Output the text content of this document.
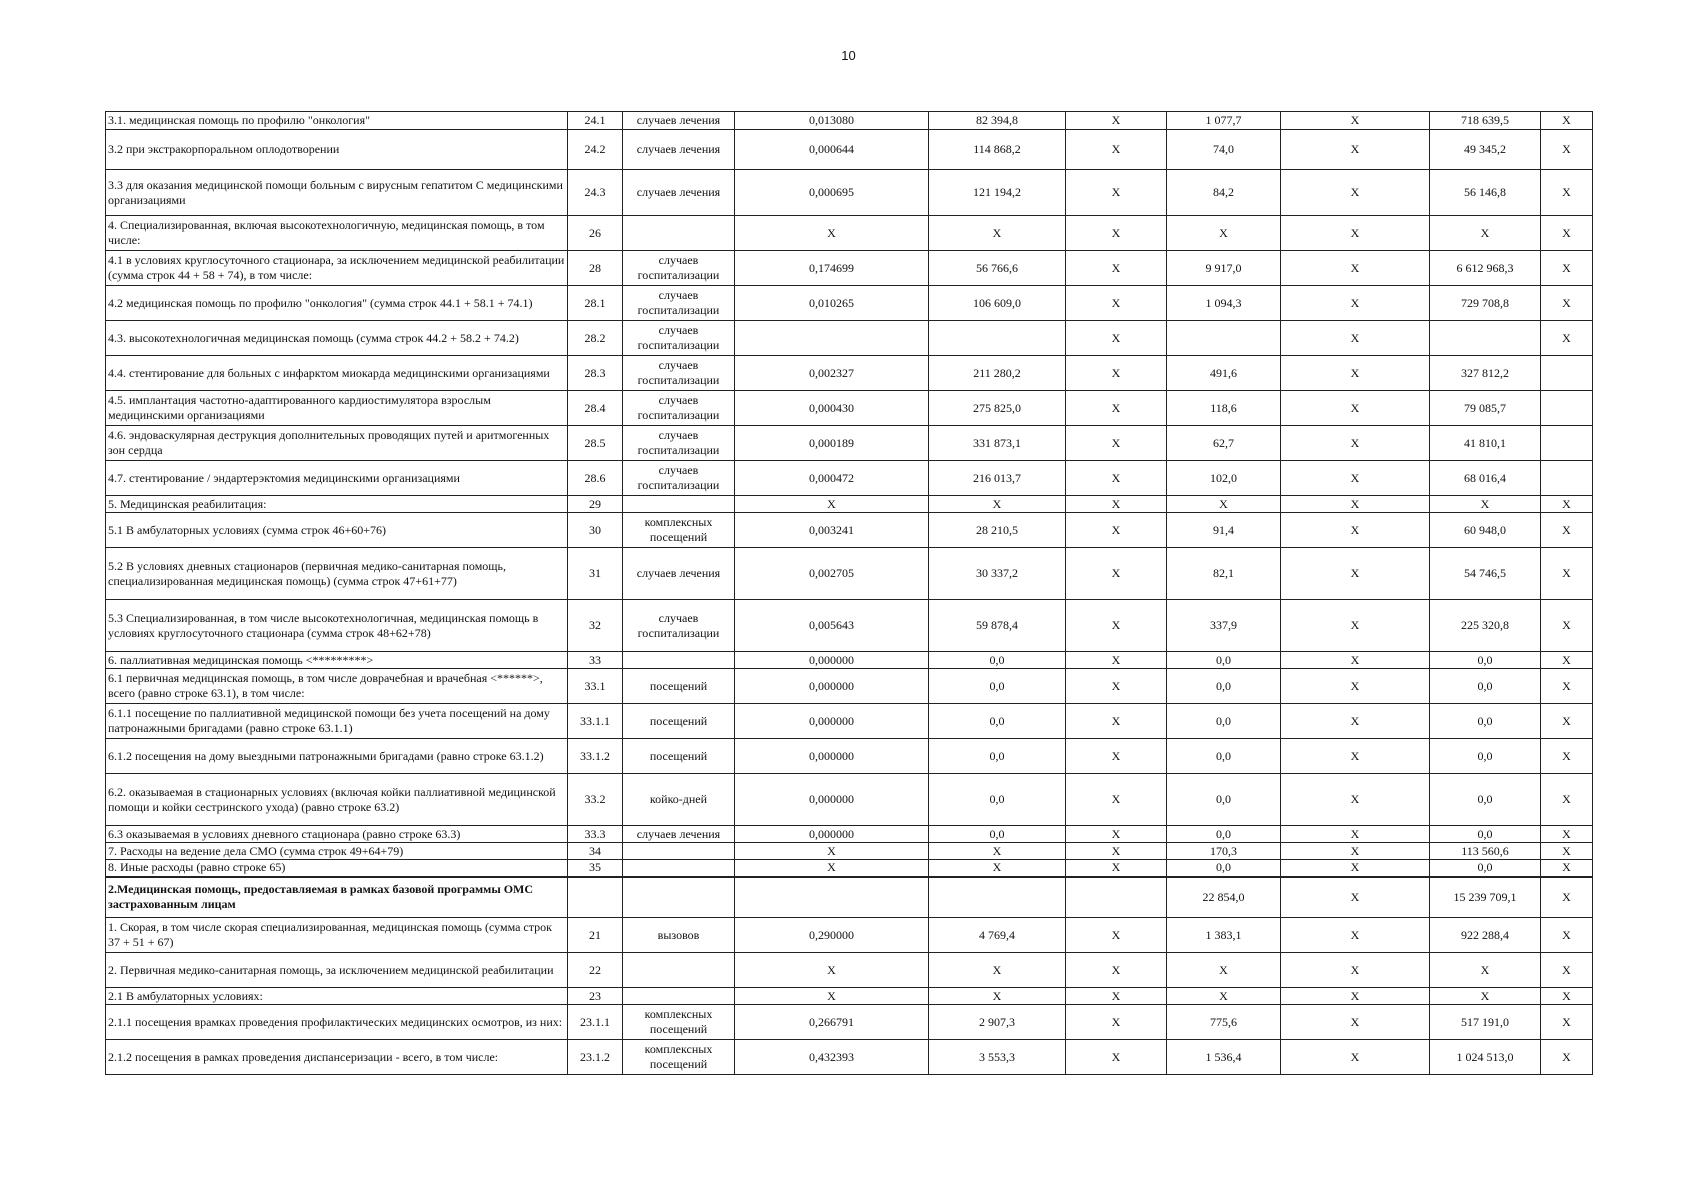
10
3.1. медицинская помощь по профилю "онкология"	24.1	случаев лечения	0,013080	82 394,8	X	1 077,7	X	718 639,5	X
3.2 при экстракорпоральном оплодотворении	24.2	случаев лечения	0,000644	114 868,2	X	74,0	X	49 345,2	X
3.3 для оказания медицинской помощи больным с вирусным гепатитом С медицинскими организациями	24.3	случаев лечения	0,000695	121 194,2	X	84,2	X	56 146,8	X
4. Специализированная, включая высокотехнологичную, медицинская помощь, в том числе:	26		X	X	X	X	X	X	X
4.1 в условиях круглосуточного стационара, за исключением медицинской реабилитации (сумма строк 44 + 58 + 74), в том числе:	28	случаев госпитализации	0,174699	56 766,6	X	9 917,0	X	6 612 968,3	X
4.2 медицинская помощь по профилю "онкология" (сумма строк 44.1 + 58.1 + 74.1)	28.1	случаев госпитализации	0,010265	106 609,0	X	1 094,3	X	729 708,8	X
4.3. высокотехнологичная медицинская помощь (сумма строк 44.2 + 58.2 + 74.2)	28.2	случаев госпитализации			X		X		X
4.4. стентирование для больных с инфарктом миокарда медицинскими организациями	28.3	случаев госпитализации	0,002327	211 280,2	X	491,6	X	327 812,2	
4.5. имплантация частотно-адаптированного кардиостимулятора взрослым медицинскими организациями	28.4	случаев госпитализации	0,000430	275 825,0	X	118,6	X	79 085,7	
4.6. эндоваскулярная деструкция дополнительных проводящих путей и аритмогенных зон сердца	28.5	случаев госпитализации	0,000189	331 873,1	X	62,7	X	41 810,1	
4.7. стентирование / эндартерэктомия медицинскими организациями	28.6	случаев госпитализации	0,000472	216 013,7	X	102,0	X	68 016,4	
5. Медицинская реабилитация:	29		X	X	X	X	X	X	X
5.1 В амбулаторных условиях (сумма строк 46+60+76)	30	комплексных посещений	0,003241	28 210,5	X	91,4	X	60 948,0	X
5.2 В условиях дневных стационаров (первичная медико-санитарная помощь, специализированная медицинская помощь) (сумма строк 47+61+77)	31	случаев лечения	0,002705	30 337,2	X	82,1	X	54 746,5	X
5.3 Специализированная, в том числе высокотехнологичная, медицинская помощь в условиях круглосуточного стационара (сумма строк 48+62+78)	32	случаев госпитализации	0,005643	59 878,4	X	337,9	X	225 320,8	X
6. паллиативная медицинская помощь <*********>	33		0,000000	0,0	X	0,0	X	0,0	X
6.1 первичная медицинская помощь, в том числе доврачебная и врачебная <******>, всего (равно строке 63.1), в том числе:	33.1	посещений	0,000000	0,0	X	0,0	X	0,0	X
6.1.1 посещение по паллиативной медицинской помощи без учета посещений на дому патронажными бригадами (равно строке 63.1.1)	33.1.1	посещений	0,000000	0,0	X	0,0	X	0,0	X
6.1.2 посещения на дому выездными патронажными бригадами (равно строке 63.1.2)	33.1.2	посещений	0,000000	0,0	X	0,0	X	0,0	X
6.2. оказываемая в стационарных условиях (включая койки паллиативной медицинской помощи и койки сестринского ухода) (равно строке 63.2)	33.2	койко-дней	0,000000	0,0	X	0,0	X	0,0	X
6.3 оказываемая в условиях дневного стационара (равно строке 63.3)	33.3	случаев лечения	0,000000	0,0	X	0,0	X	0,0	X
7. Расходы на ведение дела СМО (сумма строк 49+64+79)	34		X	X	X	170,3	X	113 560,6	X
8. Иные расходы (равно строке 65)	35		X	X	X	0,0	X	0,0	X
2.Медицинская помощь, предоставляемая в рамках базовой программы ОМС застрахованным лицам						22 854,0	X	15 239 709,1	X
1. Скорая, в том числе скорая специализированная, медицинская помощь (сумма строк 37 + 51 + 67)	21	вызовов	0,290000	4 769,4	X	1 383,1	X	922 288,4	X
2. Первичная медико-санитарная помощь, за исключением медицинской реабилитации	22		X	X	X	X	X	X	X
2.1 В амбулаторных условиях:	23		X	X	X	X	X	X	X
2.1.1 посещения врамках проведения профилактических медицинских осмотров, из них:	23.1.1	комплексных посещений	0,266791	2 907,3	X	775,6	X	517 191,0	X
2.1.2 посещения в рамках проведения диспансеризации - всего, в том числе:	23.1.2	комплексных посещений	0,432393	3 553,3	X	1 536,4	X	1 024 513,0	X
